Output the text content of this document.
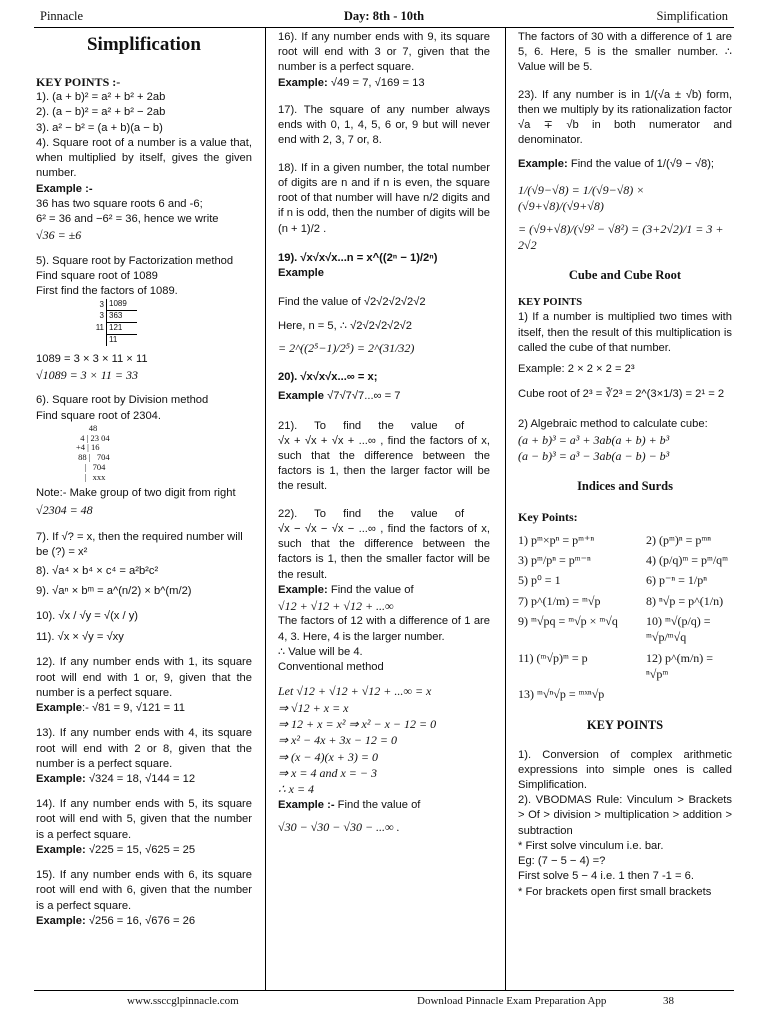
Pinnacle	Day: 8th - 10th	Simplification
Simplification

KEY POINTS :-

1). (a + b)² = a² + b² + 2ab

2). (a − b)² = a² + b² − 2ab

3). a² − b² = (a + b)(a − b)

4). Square root of a number is a value that, when multiplied by itself, gives the given number.

Example :-

36 has two square roots 6 and -6;

6² = 36 and −6² = 36, hence we write

√36 = ±6

5). Square root by Factorization method

Find square root of 1089

First find the factors of 1089.

3	1089
3	363
11	121
	11

1089 = 3 × 3 × 11 × 11

√1089 = 3 × 11 = 33

6). Square root by Division method

Find square root of 2304.

48
4 | 23 04
+4 | 16
88 |   704
|   704
|   xxx

Note:- Make group of two digit from right

√2304 = 48

7). If √? = x, then the required number will be (?) = x²

8). √a⁴ × b⁴ × c⁴ = a²b²c²

9). √aⁿ × bᵐ = a^(n/2) × b^(m/2)

10). √x / √y = √(x / y)

11). √x × √y = √xy

12). If any number ends with 1, its square root will end with 1 or, 9, given that the number is a perfect square.

Example:- √81 = 9, √121 = 11

13). If any number ends with 4, its square root will end with 2 or 8, given that the number is a perfect square.

Example: √324 = 18, √144 = 12

14). If any number ends with 5, its square root will end with 5, given that the number is a perfect square.

Example: √225 = 15, √625 = 25

15). If any number ends with 6, its square root will end with 6, given that the number is a perfect square.

Example: √256 = 16, √676 = 26

16). If any number ends with 9, its square root will end with 3 or 7, given that the number is a perfect square.

Example: √49 = 7, √169 = 13

17). The square of any number always ends with 0, 1, 4, 5, 6 or, 9 but will never end with 2, 3, 7 or, 8.

18). If in a given number, the total number of digits are n and if n is even, the square root of that number will have n/2 digits and if n is odd, then the number of digits will be (n + 1)/2 .

19). √x√x√x...n = x^((2ⁿ − 1)/2ⁿ)

Example

Find the value of √2√2√2√2√2

Here, n = 5, ∴ √2√2√2√2√2

= 2^((2⁵−1)/2⁵) = 2^(31/32)

20). √x√x√x...∞ = x;

Example √7√7√7...∞ = 7

21). To find the value of

√x + √x + √x + ...∞ , find the factors of x, such that the difference between the factors is 1, then the larger factor will be the result.

22). To find the value of

√x − √x − √x − ...∞ , find the factors of x, such that the difference between the factors is 1, then the smaller factor will be the result.

Example: Find the value of

√12 + √12 + √12 + ...∞

The factors of 12 with a difference of 1 are 4, 3. Here, 4 is the larger number.

∴ Value will be 4.

Conventional method

Let √12 + √12 + √12 + ...∞ = x

⇒ √12 + x = x

⇒ 12 + x = x² ⇒ x² − x − 12 = 0

⇒ x² − 4x + 3x − 12 = 0

⇒ (x − 4)(x + 3) = 0

⇒ x = 4 and x = − 3

∴ x = 4

Example :- Find the value of

√30 − √30 − √30 − ...∞ .

The factors of 30 with a difference of 1 are 5, 6. Here, 5 is the smaller number. ∴ Value will be 5.

23). If any number is in 1/(√a ± √b) form, then we multiply by its rationalization factor √a ∓ √b in both numerator and denominator.

Example: Find the value of 1/(√9 − √8);

1/(√9−√8) = 1/(√9−√8) × (√9+√8)/(√9+√8)

= (√9+√8)/(√9² − √8²) = (3+2√2)/1 = 3 + 2√2

Cube and Cube Root

KEY POINTS

1) If a number is multiplied two times with itself, then the result of this multiplication is called the cube of that number.

Example: 2 × 2 × 2 = 2³

Cube root of 2³ = ∛2³ = 2^(3×1/3) = 2¹ = 2

2) Algebraic method to calculate cube:

(a + b)³ = a³ + 3ab(a + b) + b³

(a − b)³ = a³ − 3ab(a − b) − b³

Indices and Surds

Key Points:

1) pᵐ×pⁿ = pᵐ⁺ⁿ	2) (pᵐ)ⁿ = pᵐⁿ
3) pᵐ/pⁿ = pᵐ⁻ⁿ	4) (p/q)ᵐ = pᵐ/qᵐ
5) p⁰ = 1	6) p⁻ⁿ = 1/pⁿ
7) p^(1/m) = ᵐ√p	8) ⁿ√p = p^(1/n)
9) ᵐ√pq = ᵐ√p × ᵐ√q	10) ᵐ√(p/q) = ᵐ√p/ᵐ√q
11) (ᵐ√p)ᵐ = p	12) p^(m/n) = ⁿ√pᵐ
13) ᵐ√ⁿ√p = ᵐˣⁿ√p

KEY POINTS

1). Conversion of complex arithmetic expressions into simple ones is called Simplification.

2). VBODMAS Rule: Vinculum > Brackets > Of > division > multiplication > addition > subtraction

* First solve vinculum i.e. bar.

Eg: (7 − 5 − 4) =?

First solve 5 − 4 i.e. 1 then 7 -1 = 6.

* For brackets open first small brackets

www.ssccglpinnacle.com	Download Pinnacle Exam Preparation App	38
